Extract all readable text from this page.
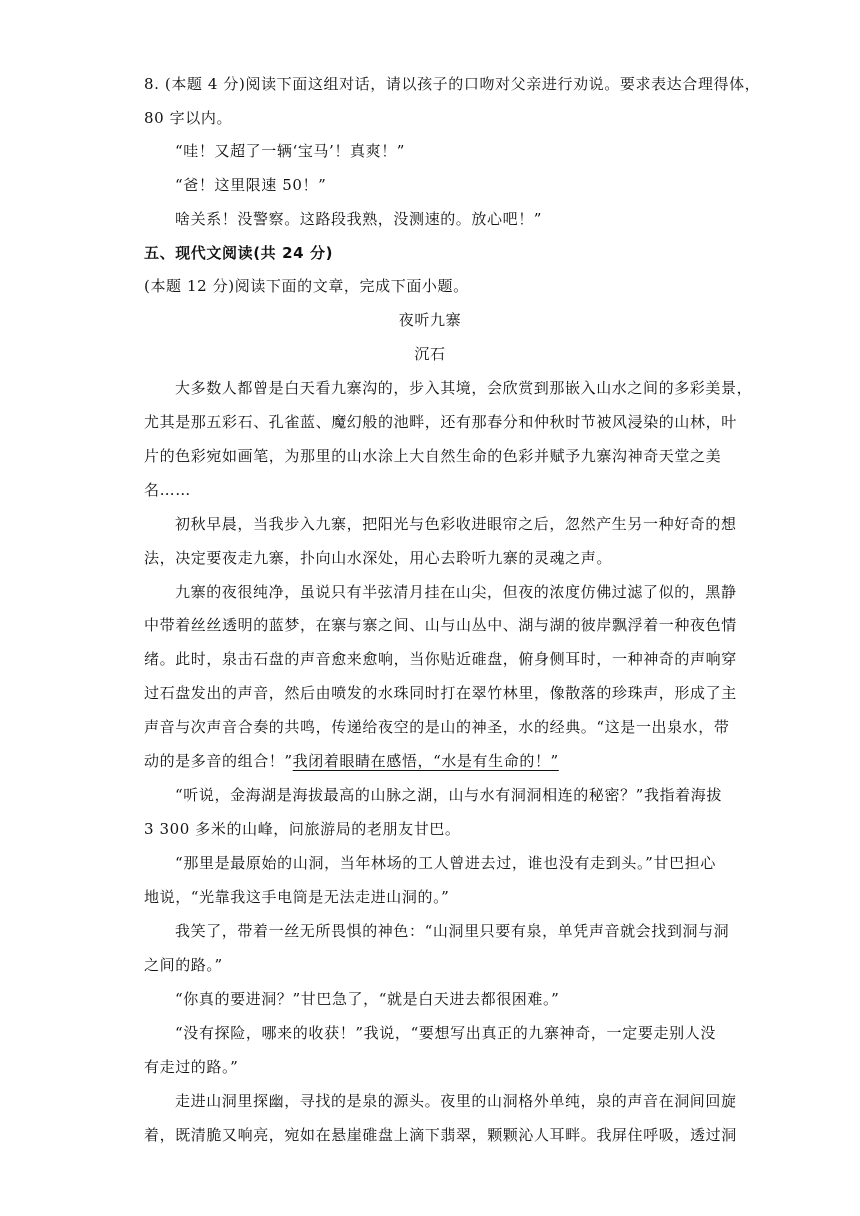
8. (本题 4 分)阅读下面这组对话，请以孩子的口吻对父亲进行劝说。要求表达合理得体，
80 字以内。
“哇！又超了一辆‘宝马’！真爽！”
“爸！这里限速 50！”
啥关系！没警察。这路段我熟，没测速的。放心吧！”
五、现代文阅读(共 24 分)
(本题 12 分)阅读下面的文章，完成下面小题。
夜听九寨
沉石
大多数人都曾是白天看九寨沟的，步入其境，会欣赏到那嵌入山水之间的多彩美景，
尤其是那五彩石、孔雀蓝、魔幻般的池畔，还有那春分和仲秋时节被风浸染的山林，叶
片的色彩宛如画笔，为那里的山水涂上大自然生命的色彩并赋予九寨沟神奇天堂之美
名……
初秋早晨，当我步入九寨，把阳光与色彩收进眼帘之后，忽然产生另一种好奇的想
法，决定要夜走九寨，扑向山水深处，用心去聆听九寨的灵魂之声。
九寨的夜很纯净，虽说只有半弦清月挂在山尖，但夜的浓度仿佛过滤了似的，黑静
中带着丝丝透明的蓝梦，在寨与寨之间、山与山丛中、湖与湖的彼岸飘浮着一种夜色情
绪。此时，泉击石盘的声音愈来愈响，当你贴近碓盘，俯身侧耳时，一种神奇的声响穿
过石盘发出的声音，然后由喷发的水珠同时打在翠竹林里，像散落的珍珠声，形成了主
声音与次声音合奏的共鸣，传递给夜空的是山的神圣，水的经典。“这是一出泉水，带
动的是多音的组合！”我闭着眼睛在感悟，“水是有生命的！”
“听说，金海湖是海拔最高的山脉之湖，山与水有洞洞相连的秘密？”我指着海拔
3 300 多米的山峰，问旅游局的老朋友甘巴。
“那里是最原始的山洞，当年林场的工人曾进去过，谁也没有走到头。”甘巴担心
地说，“光靠我这手电筒是无法走进山洞的。”
我笑了，带着一丝无所畏惧的神色：“山洞里只要有泉，单凭声音就会找到洞与洞
之间的路。”
“你真的要进洞？”甘巴急了，“就是白天进去都很困难。”
“没有探险，哪来的收获！”我说，“要想写出真正的九寨神奇，一定要走别人没
有走过的路。”
走进山洞里探幽，寻找的是泉的源头。夜里的山洞格外单纯，泉的声音在洞间回旋
着，既清脆又响亮，宛如在悬崖碓盘上滴下翡翠，颗颗沁人耳畔。我屏住呼吸，透过洞
